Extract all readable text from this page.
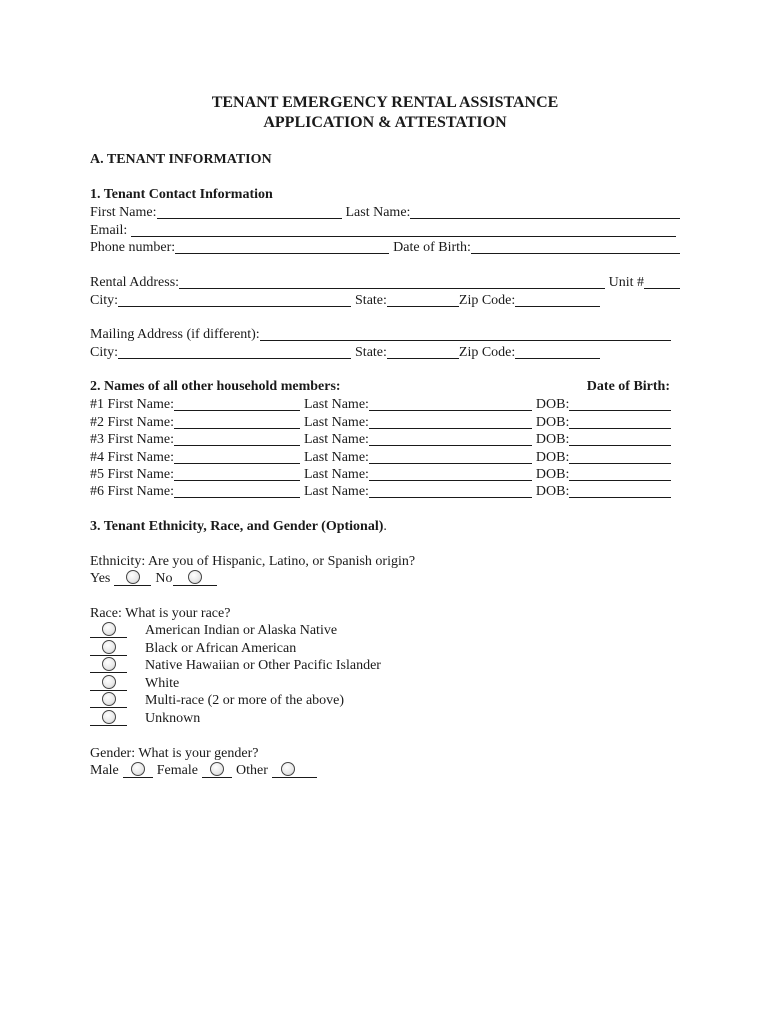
TENANT EMERGENCY RENTAL ASSISTANCE
APPLICATION & ATTESTATION
A. TENANT INFORMATION
1. Tenant Contact Information
First Name:	Last Name:
Email:
Phone number:	Date of Birth:
Rental Address:	Unit #
City:	State:	Zip Code:
Mailing Address (if different):
City:	State:	Zip Code:
2. Names of all other household members:	Date of Birth:
#1 First Name:	Last Name:	DOB:
#2 First Name:	Last Name:	DOB:
#3 First Name:	Last Name:	DOB:
#4 First Name:	Last Name:	DOB:
#5 First Name:	Last Name:	DOB:
#6 First Name:	Last Name:	DOB:
3. Tenant Ethnicity, Race, and Gender (Optional) .
Ethnicity: Are you of Hispanic, Latino, or Spanish origin?
Yes	No
Race: What is your race?
American Indian or Alaska Native
Black or African American
Native Hawaiian or Other Pacific Islander
White
Multi-race (2 or more of the above)
Unknown
Gender: What is your gender?
Male	Female	Other
